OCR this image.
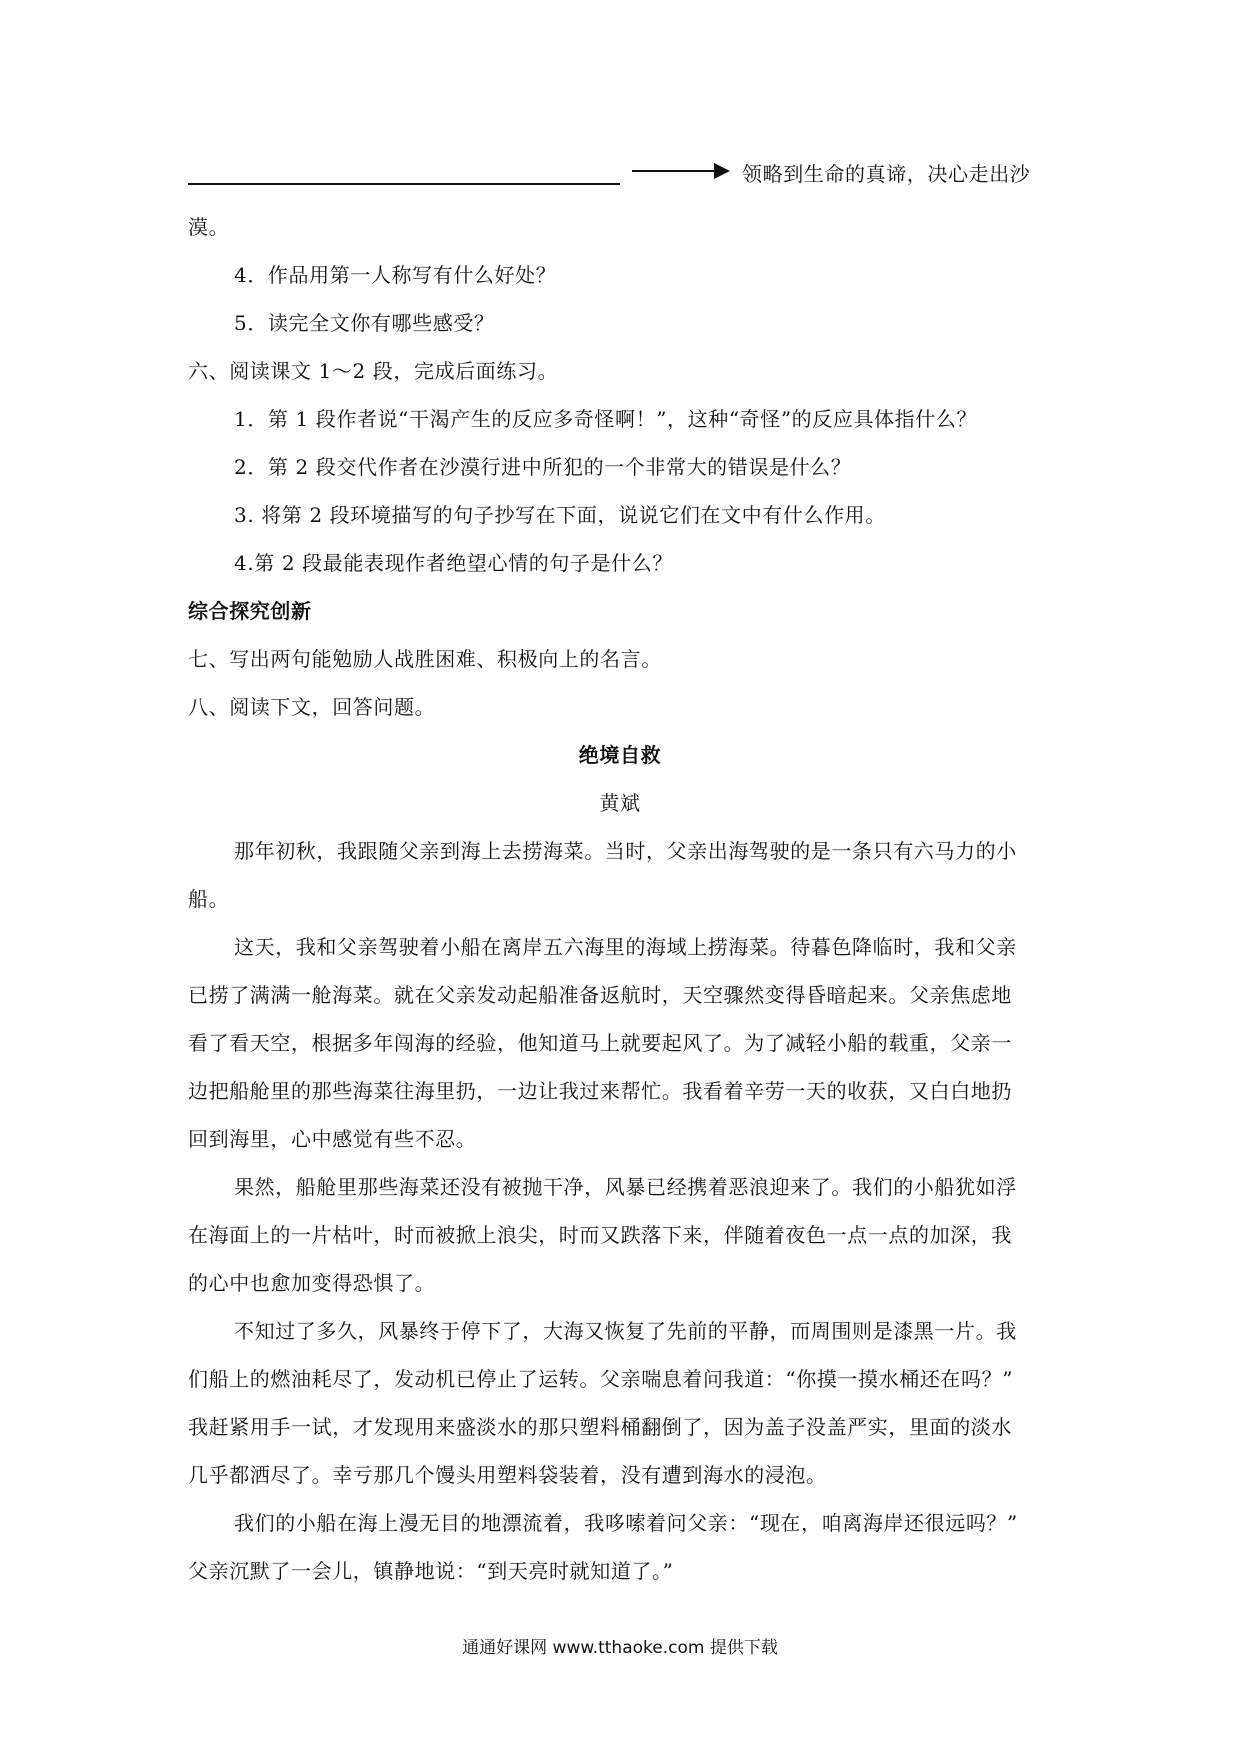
领略到生命的真谛，决心走出沙
漠。
4．作品用第一人称写有什么好处？
5．读完全文你有哪些感受？
六、阅读课文 1～2 段，完成后面练习。
1．第 1 段作者说“干渴产生的反应多奇怪啊！”，这种“奇怪”的反应具体指什么？
2．第 2 段交代作者在沙漠行进中所犯的一个非常大的错误是什么？
3. 将第 2 段环境描写的句子抄写在下面，说说它们在文中有什么作用。
4.第 2 段最能表现作者绝望心情的句子是什么？
综合探究创新
七、写出两句能勉励人战胜困难、积极向上的名言。
八、阅读下文，回答问题。
绝境自救
黄斌
那年初秋，我跟随父亲到海上去捞海菜。当时，父亲出海驾驶的是一条只有六马力的小
船。
这天，我和父亲驾驶着小船在离岸五六海里的海域上捞海菜。待暮色降临时，我和父亲
已捞了满满一舱海菜。就在父亲发动起船准备返航时，天空骤然变得昏暗起来。父亲焦虑地
看了看天空，根据多年闯海的经验，他知道马上就要起风了。为了减轻小船的载重，父亲一
边把船舱里的那些海菜往海里扔，一边让我过来帮忙。我看着辛劳一天的收获，又白白地扔
回到海里，心中感觉有些不忍。
果然，船舱里那些海菜还没有被抛干净，风暴已经携着恶浪迎来了。我们的小船犹如浮
在海面上的一片枯叶，时而被掀上浪尖，时而又跌落下来，伴随着夜色一点一点的加深，我
的心中也愈加变得恐惧了。
不知过了多久，风暴终于停下了，大海又恢复了先前的平静，而周围则是漆黑一片。我
们船上的燃油耗尽了，发动机已停止了运转。父亲喘息着问我道：“你摸一摸水桶还在吗？”
我赶紧用手一试，才发现用来盛淡水的那只塑料桶翻倒了，因为盖子没盖严实，里面的淡水
几乎都洒尽了。幸亏那几个馒头用塑料袋装着，没有遭到海水的浸泡。
我们的小船在海上漫无目的地漂流着，我哆嗦着问父亲：“现在，咱离海岸还很远吗？”
父亲沉默了一会儿，镇静地说：“到天亮时就知道了。”
通通好课网 www.tthaoke.com 提供下载
